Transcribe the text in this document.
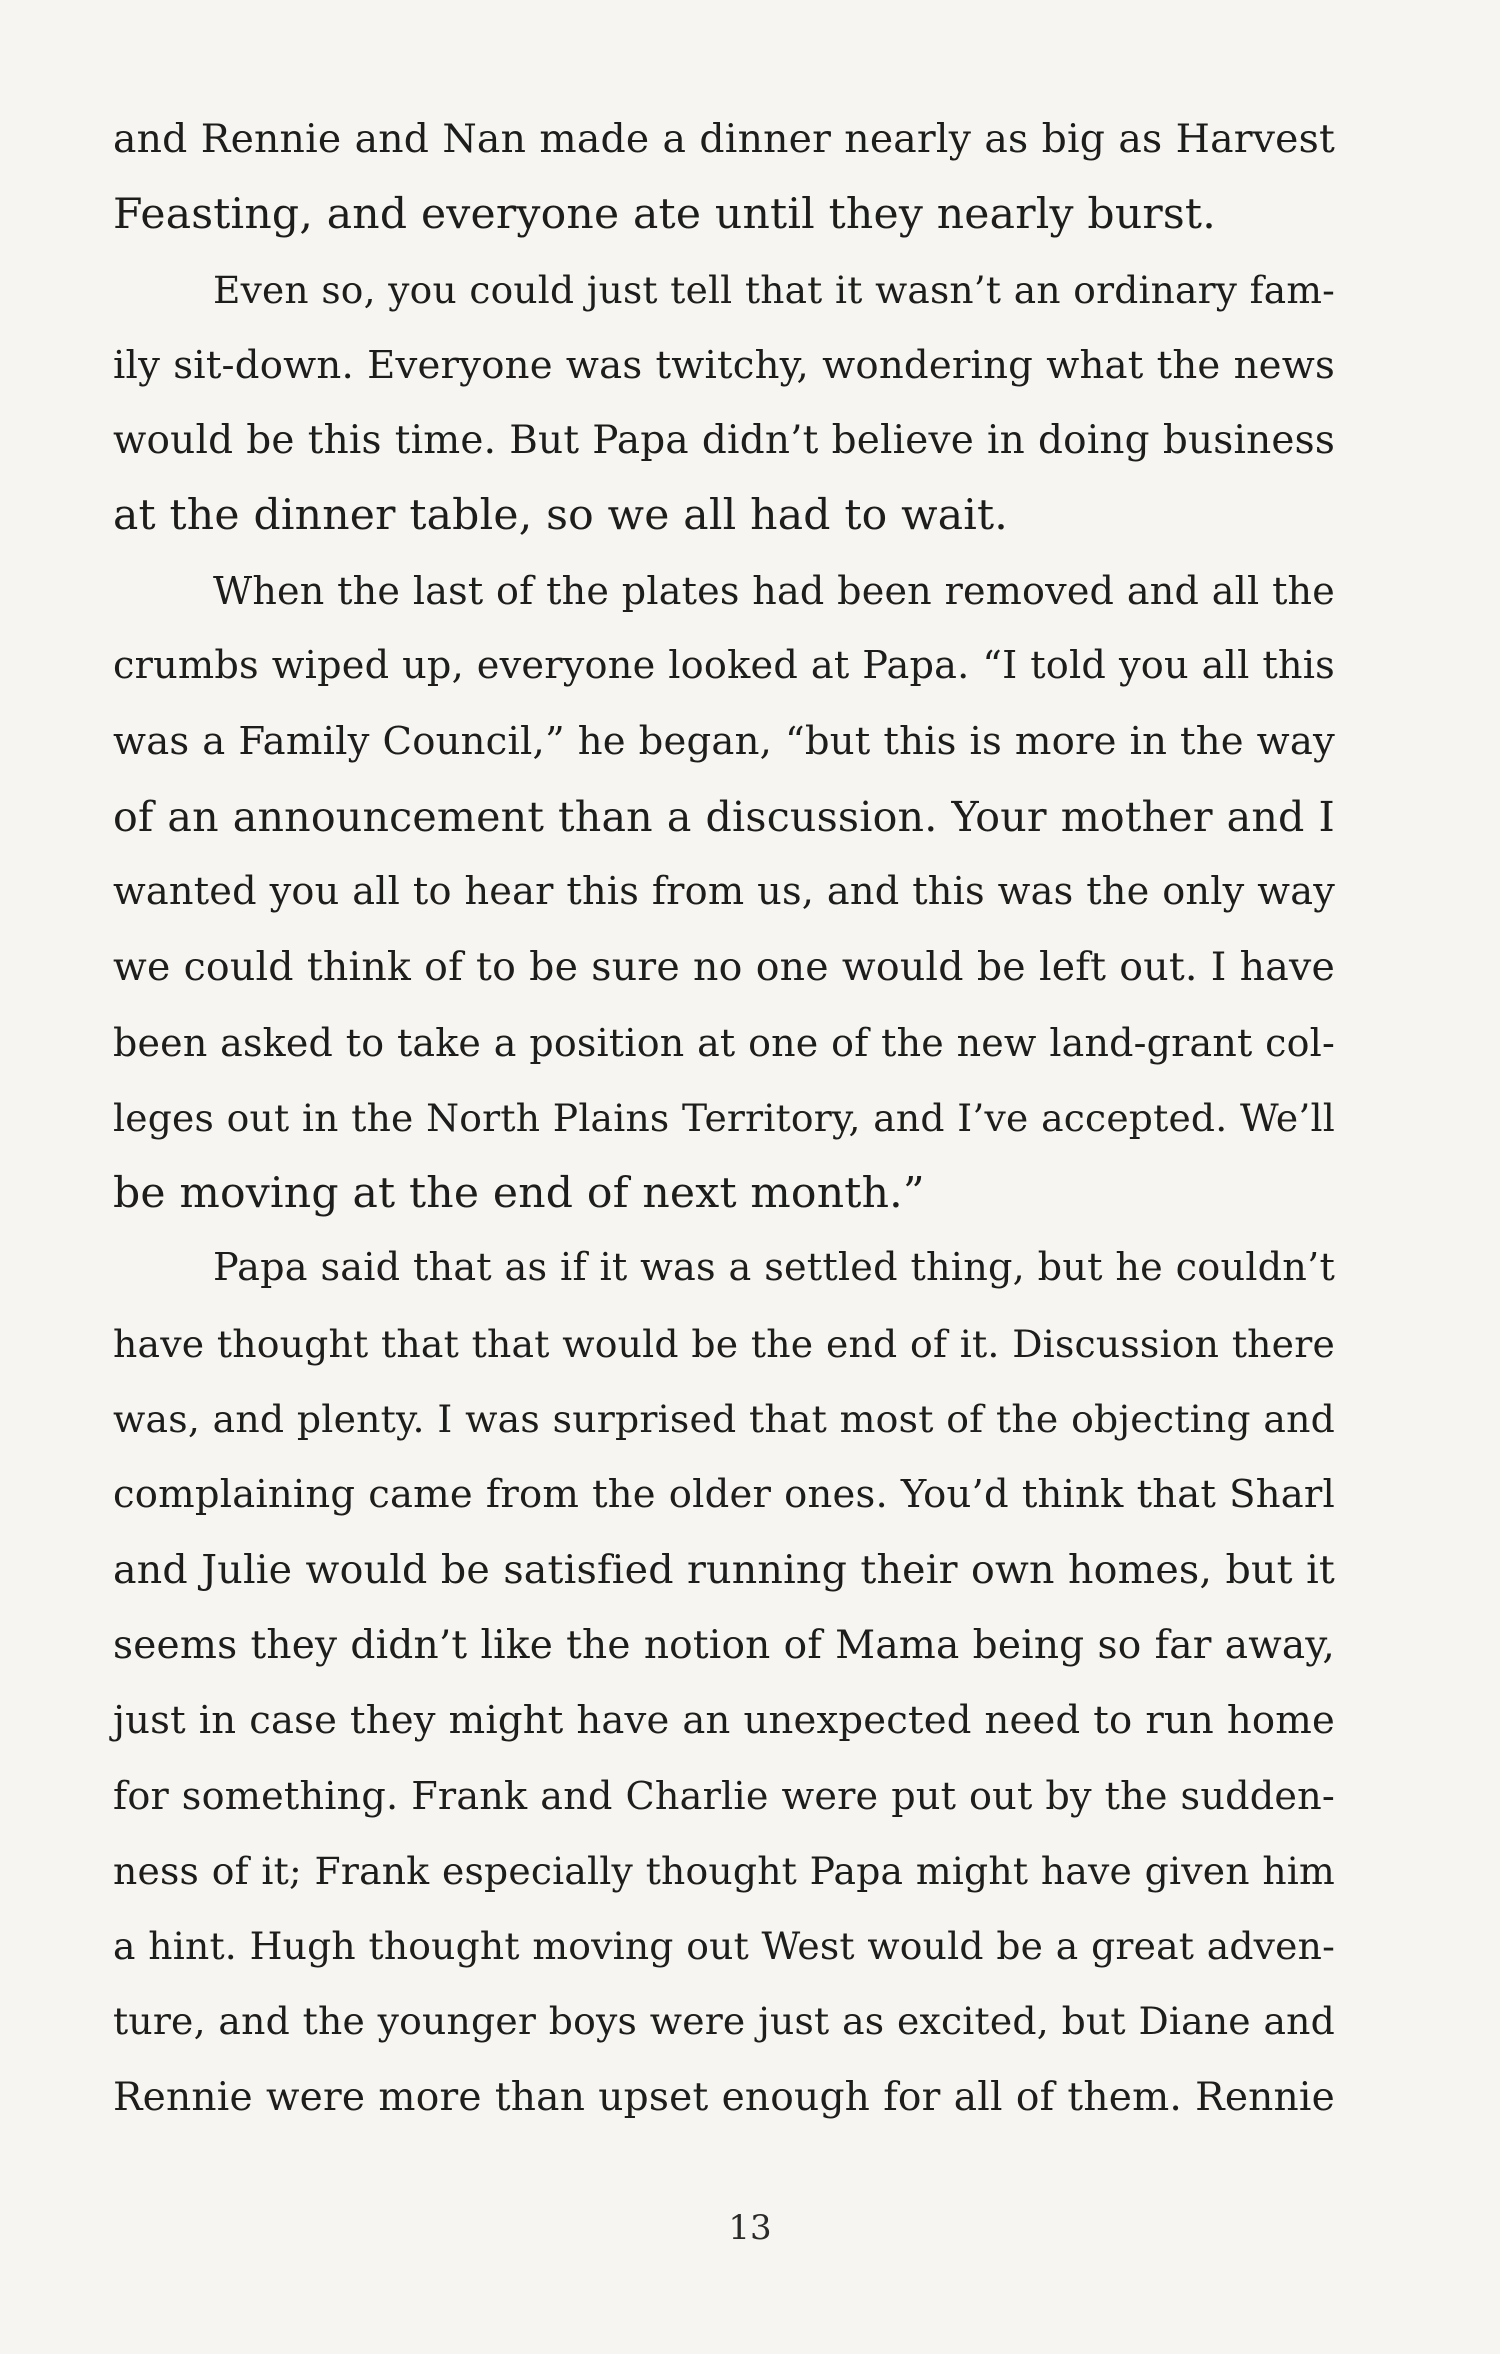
and Rennie and Nan made a dinner nearly as big as Harvest
Feasting, and everyone ate until they nearly burst.
Even so, you could just tell that it wasn’t an ordinary fam-
ily sit-down. Everyone was twitchy, wondering what the news
would be this time. But Papa didn’t believe in doing business
at the dinner table, so we all had to wait.
When the last of the plates had been removed and all the
crumbs wiped up, everyone looked at Papa. “I told you all this
was a Family Council,” he began, “but this is more in the way
of an announcement than a discussion. Your mother and I
wanted you all to hear this from us, and this was the only way
we could think of to be sure no one would be left out. I have
been asked to take a position at one of the new land-grant col-
leges out in the North Plains Territory, and I’ve accepted. We’ll
be moving at the end of next month.”
Papa said that as if it was a settled thing, but he couldn’t
have thought that that would be the end of it. Discussion there
was, and plenty. I was surprised that most of the objecting and
complaining came from the older ones. You’d think that Sharl
and Julie would be satisfied running their own homes, but it
seems they didn’t like the notion of Mama being so far away,
just in case they might have an unexpected need to run home
for something. Frank and Charlie were put out by the sudden-
ness of it; Frank especially thought Papa might have given him
a hint. Hugh thought moving out West would be a great adven-
ture, and the younger boys were just as excited, but Diane and
Rennie were more than upset enough for all of them. Rennie
13
